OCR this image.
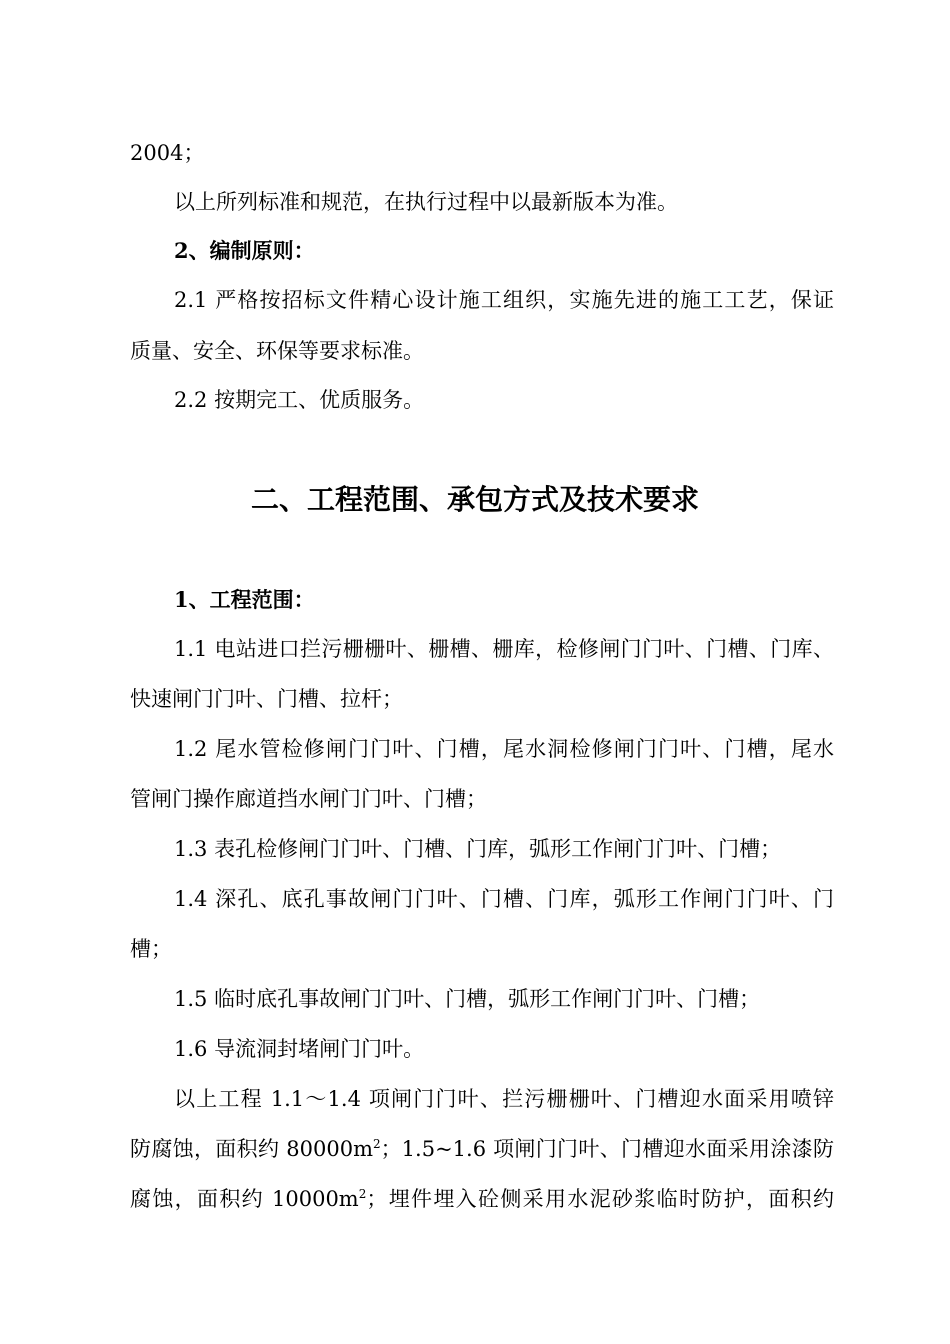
2004；
以上所列标准和规范，在执行过程中以最新版本为准。
2、编制原则：
2.1 严格按招标文件精心设计施工组织，实施先进的施工工艺，保证
质量、安全、环保等要求标准。
2.2 按期完工、优质服务。
二、工程范围、承包方式及技术要求
1、工程范围：
1.1 电站进口拦污栅栅叶、栅槽、栅库，检修闸门门叶、门槽、门库、
快速闸门门叶、门槽、拉杆；
1.2 尾水管检修闸门门叶、门槽，尾水洞检修闸门门叶、门槽，尾水
管闸门操作廊道挡水闸门门叶、门槽；
1.3 表孔检修闸门门叶、门槽、门库，弧形工作闸门门叶、门槽；
1.4 深孔、底孔事故闸门门叶、门槽、门库，弧形工作闸门门叶、门
槽；
1.5 临时底孔事故闸门门叶、门槽，弧形工作闸门门叶、门槽；
1.6 导流洞封堵闸门门叶。
以上工程 1.1～1.4 项闸门门叶、拦污栅栅叶、门槽迎水面采用喷锌
防腐蚀，面积约 $80000m^2$；1.5~1.6 项闸门门叶、门槽迎水面采用涂漆防
腐蚀，面积约 $10000m^2$；埋件埋入砼侧采用水泥砂浆临时防护，面积约
